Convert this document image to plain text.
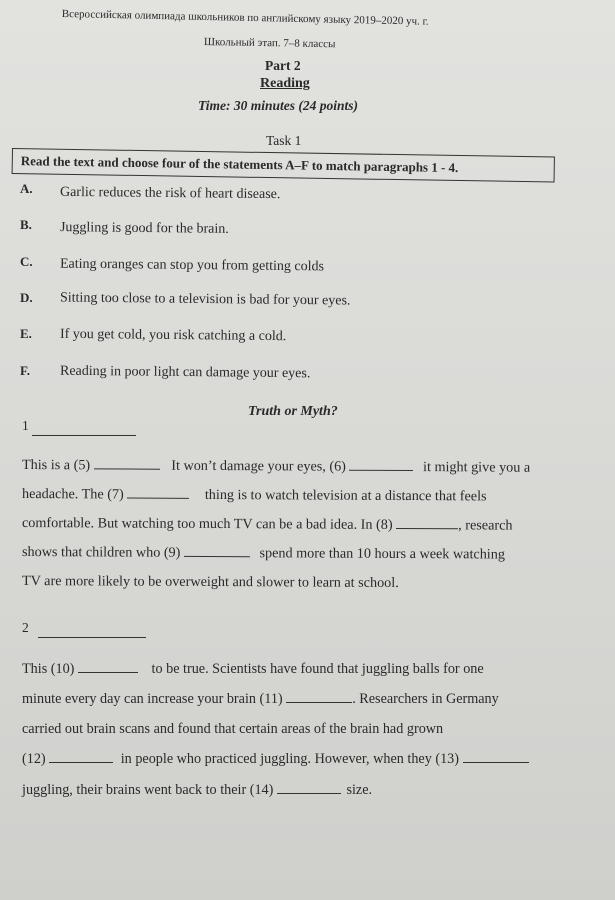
Всероссийская олимпиада школьников по английскому языку 2019–2020 уч. г.
Школьный этап. 7–8 классы
Part 2
Reading
Time: 30 minutes (24 points)
Task 1
Read the text and choose four of the statements A–F to match paragraphs 1 - 4.
A. Garlic reduces the risk of heart disease.
B. Juggling is good for the brain.
C. Eating oranges can stop you from getting colds
D. Sitting too close to a television is bad for your eyes.
E. If you get cold, you risk catching a cold.
F. Reading in poor light can damage your eyes.
Truth or Myth?
1
This is a (5)	It won’t damage your eyes, (6)	it might give you a
headache. The (7)	thing is to watch television at a distance that feels
comfortable. But watching too much TV can be a bad idea. In (8)	, research
shows that children who (9)	spend more than 10 hours a week watching
TV are more likely to be overweight and slower to learn at school.
2
This (10)	to be true. Scientists have found that juggling balls for one
minute every day can increase your brain (11)	. Researchers in Germany
carried out brain scans and found that certain areas of the brain had grown
(12)	in people who practiced juggling. However, when they (13)
juggling, their brains went back to their (14)	size.
